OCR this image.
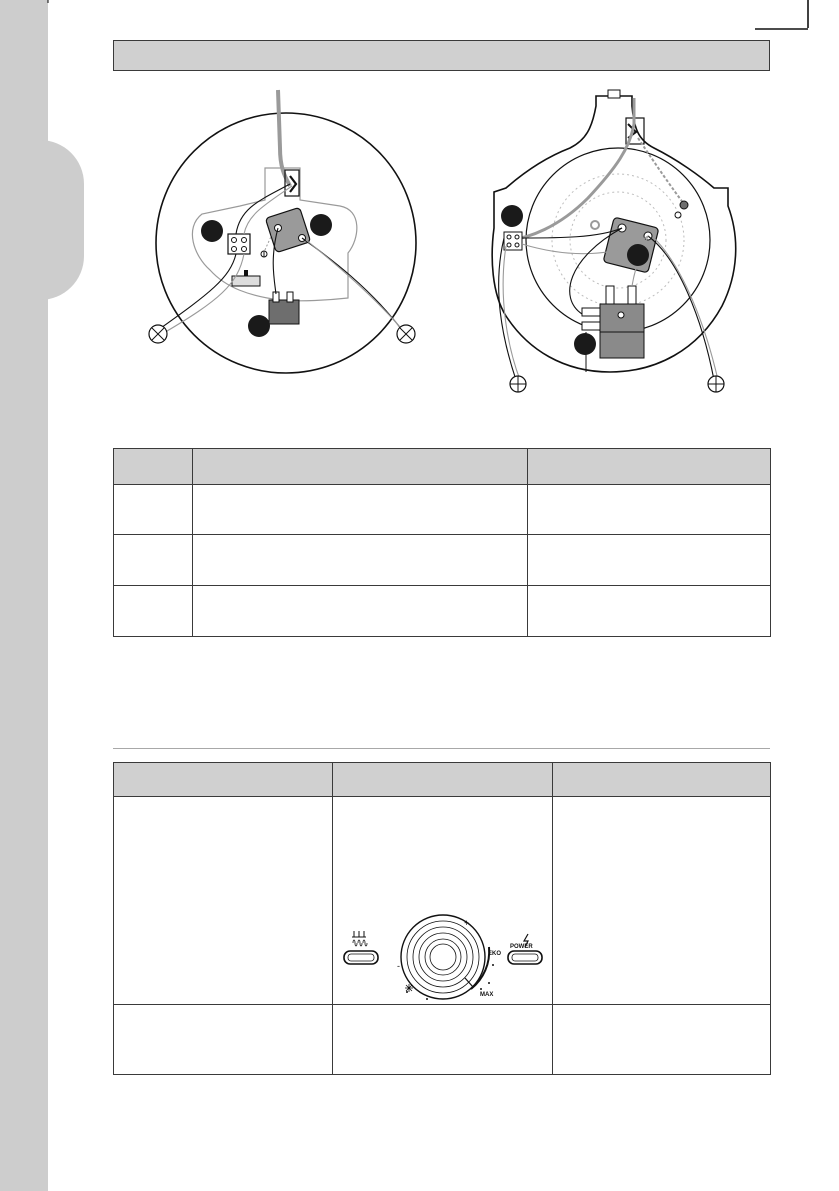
+
-
EKO
MAX
POWER	
